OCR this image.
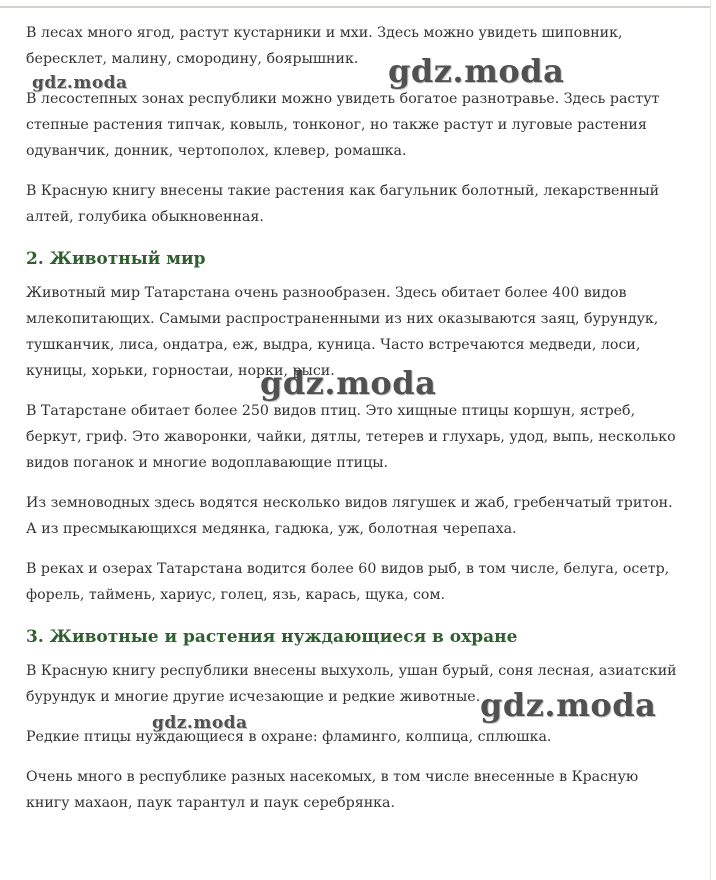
В лесах много ягод, растут кустарники и мхи. Здесь можно увидеть шиповник, бересклет, малину, смородину, боярышник.

В лесостепных зонах республики можно увидеть богатое разнотравье. Здесь растут степные растения типчак, ковыль, тонконог, но также растут и луговые растения одуванчик, донник, чертополох, клевер, ромашка.

В Красную книгу внесены такие растения как багульник болотный, лекарственный алтей, голубика обыкновенная.

2. Животный мир

Животный мир Татарстана очень разнообразен. Здесь обитает более 400 видов млекопитающих. Самыми распространенными из них оказываются заяц, бурундук, тушканчик, лиса, ондатра, еж, выдра, куница. Часто встречаются медведи, лоси, куницы, хорьки, горностаи, норки, рыси.

В Татарстане обитает более 250 видов птиц. Это хищные птицы коршун, ястреб, беркут, гриф. Это жаворонки, чайки, дятлы, тетерев и глухарь, удод, выпь, несколько видов поганок и многие водоплавающие птицы.

Из земноводных здесь водятся несколько видов лягушек и жаб, гребенчатый тритон. А из пресмыкающихся медянка, гадюка, уж, болотная черепаха.

В реках и озерах Татарстана водится более 60 видов рыб, в том числе, белуга, осетр, форель, таймень, хариус, голец, язь, карась, щука, сом.

3. Животные и растения нуждающиеся в охране

В Красную книгу республики внесены выхухоль, ушан бурый, соня лесная, азиатский бурундук и многие другие исчезающие и редкие животные.

Редкие птицы нуждающиеся в охране: фламинго, колпица, сплюшка.

Очень много в республике разных насекомых, в том числе внесенные в Красную книгу махаон, паук тарантул и паук серебрянка.

gdz.moda
gdz.moda
gdz.moda
gdz.moda
gdz.moda
